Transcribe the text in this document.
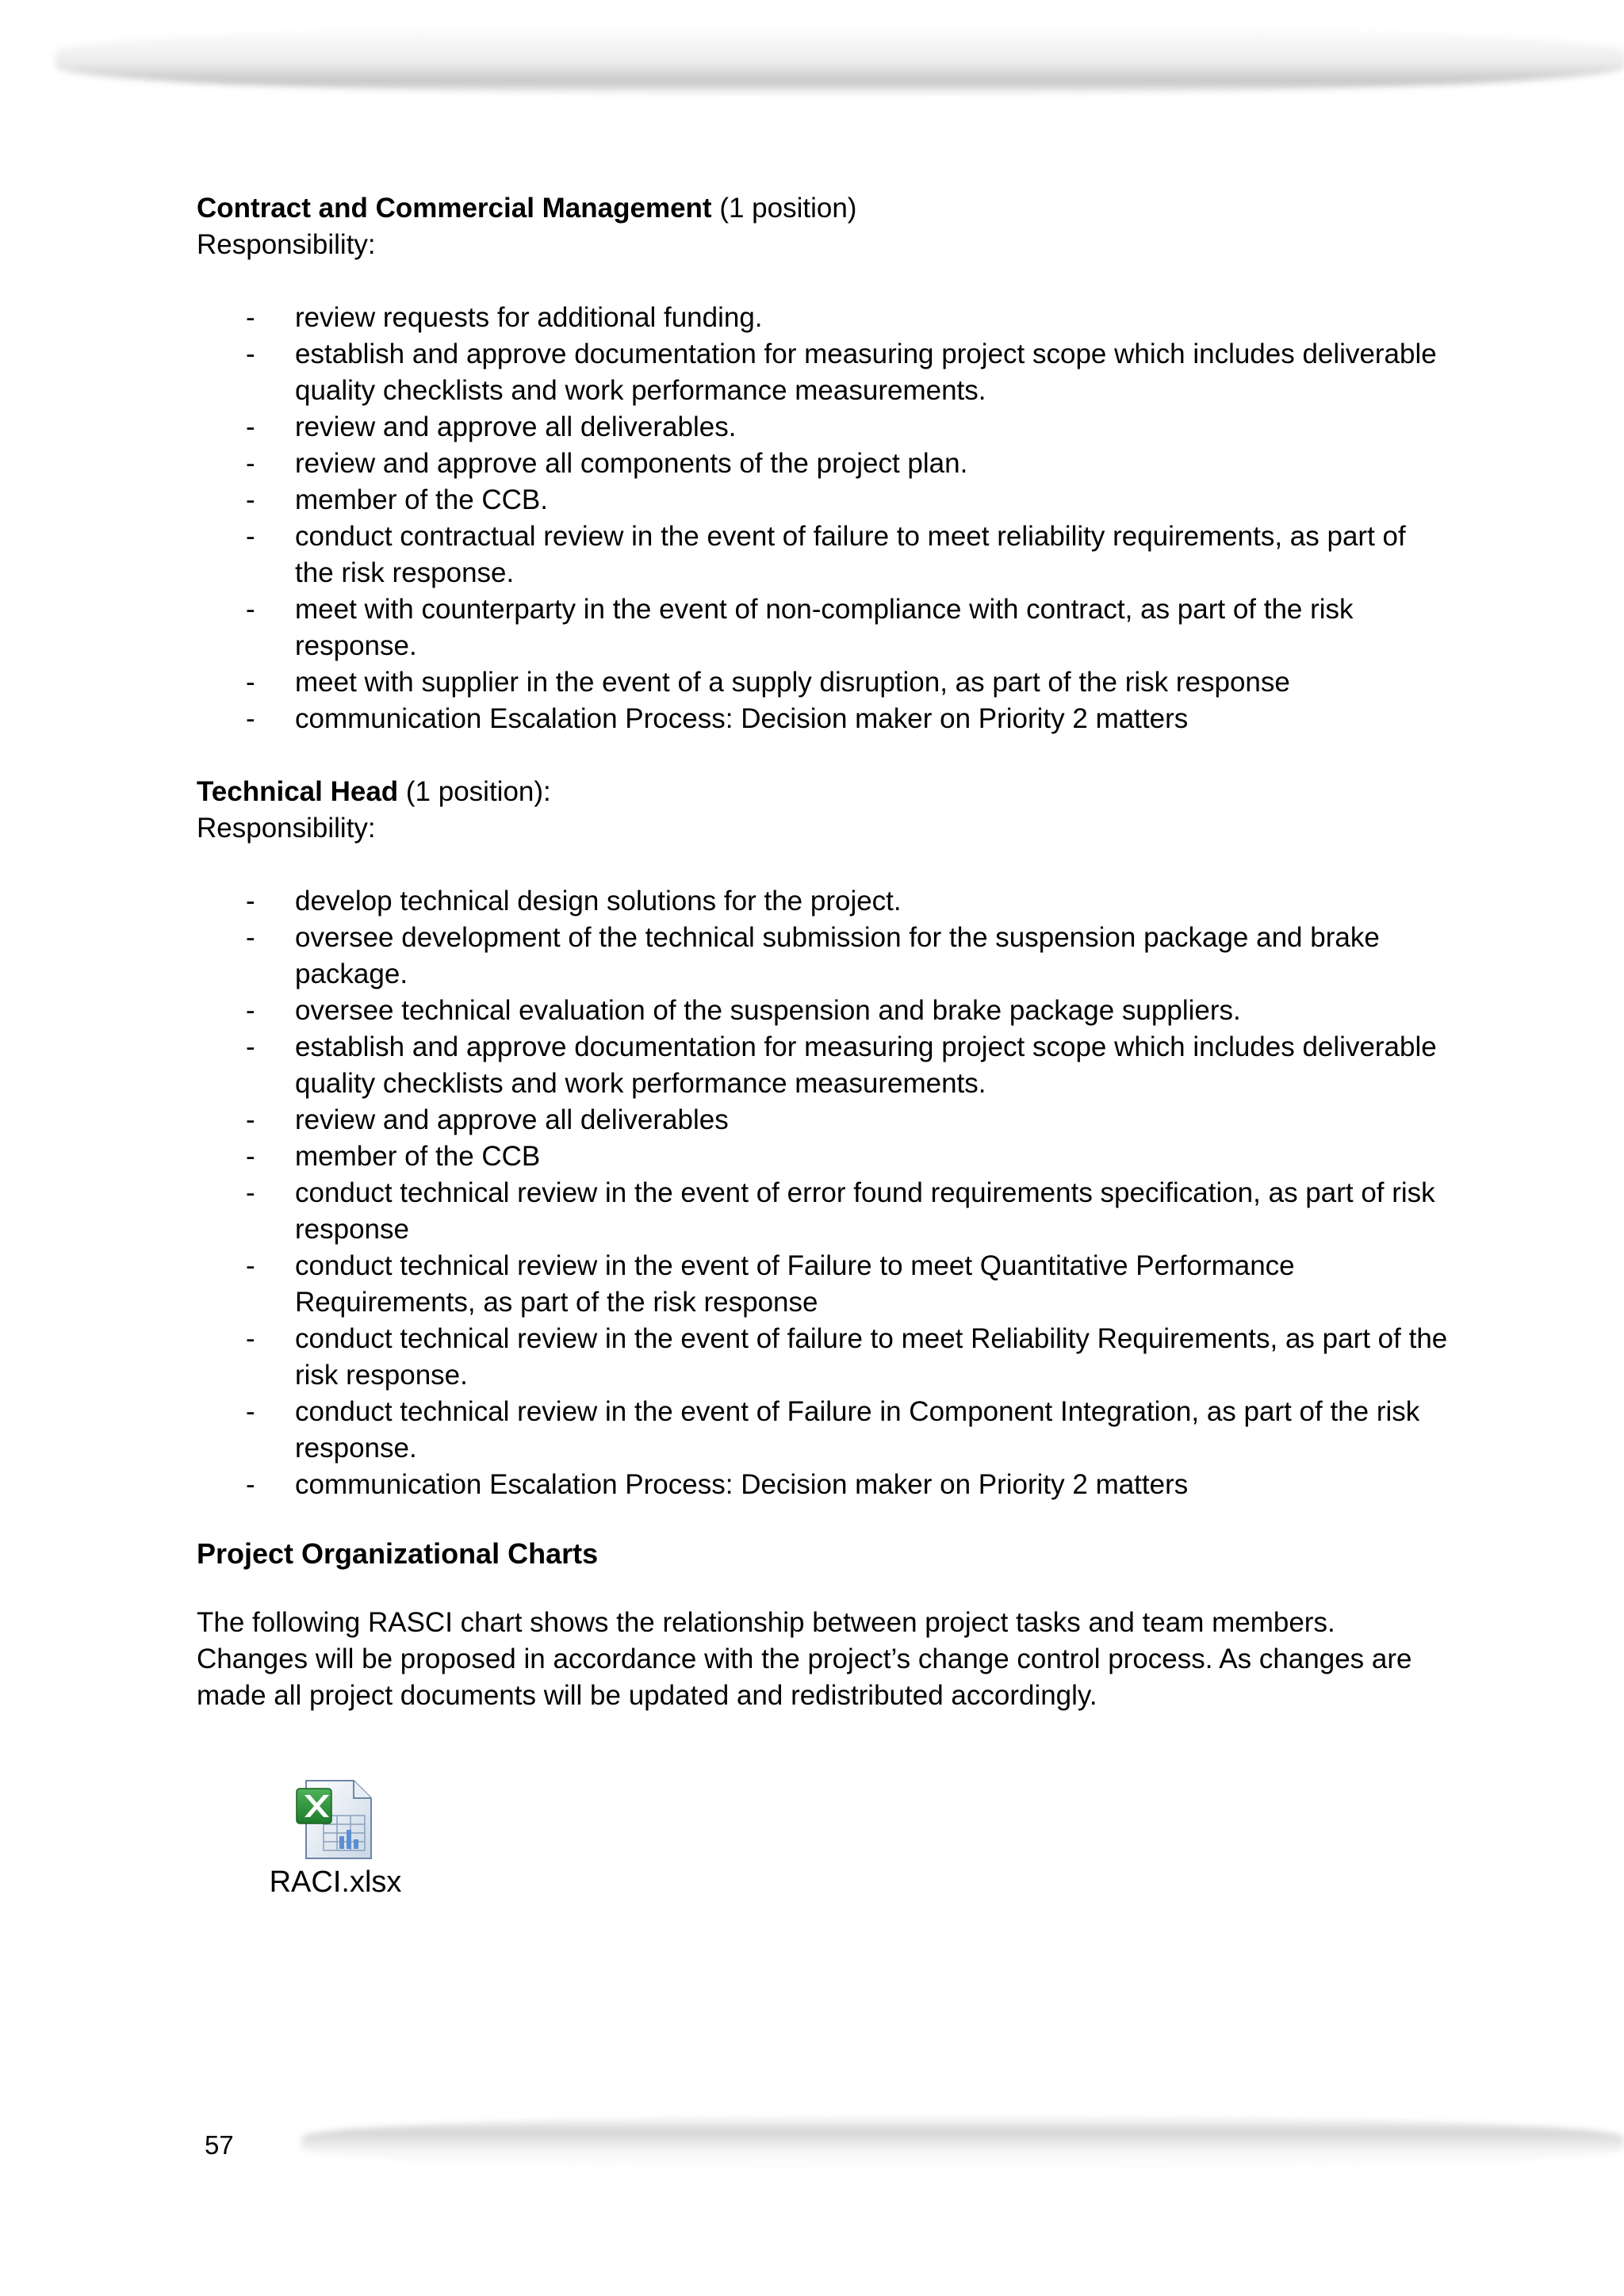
Contract and Commercial Management (1 position)

Responsibility:

- review requests for additional funding.
- establish and approve documentation for measuring project scope which includes deliverable quality checklists and work performance measurements.
- review and approve all deliverables.
- review and approve all components of the project plan.
- member of the CCB.
- conduct contractual review in the event of failure to meet reliability requirements, as part of the risk response.
- meet with counterparty in the event of non-compliance with contract, as part of the risk response.
- meet with supplier in the event of a supply disruption, as part of the risk response
- communication Escalation Process: Decision maker on Priority 2 matters

Technical Head (1 position):

Responsibility:

- develop technical design solutions for the project.
- oversee development of the technical submission for the suspension package and brake package.
- oversee technical evaluation of the suspension and brake package suppliers.
- establish and approve documentation for measuring project scope which includes deliverable quality checklists and work performance measurements.
- review and approve all deliverables
- member of the CCB
- conduct technical review in the event of error found requirements specification, as part of risk response
- conduct technical review in the event of Failure to meet Quantitative Performance Requirements, as part of the risk response
- conduct technical review in the event of failure to meet Reliability Requirements, as part of the risk response.
- conduct technical review in the event of Failure in Component Integration, as part of the risk response.
- communication Escalation Process: Decision maker on Priority 2 matters
Project Organizational Charts

The following RASCI chart shows the relationship between project tasks and team members. Changes will be proposed in accordance with the project’s change control process. As changes are made all project documents will be updated and redistributed accordingly.

RACI.xlsx
57
